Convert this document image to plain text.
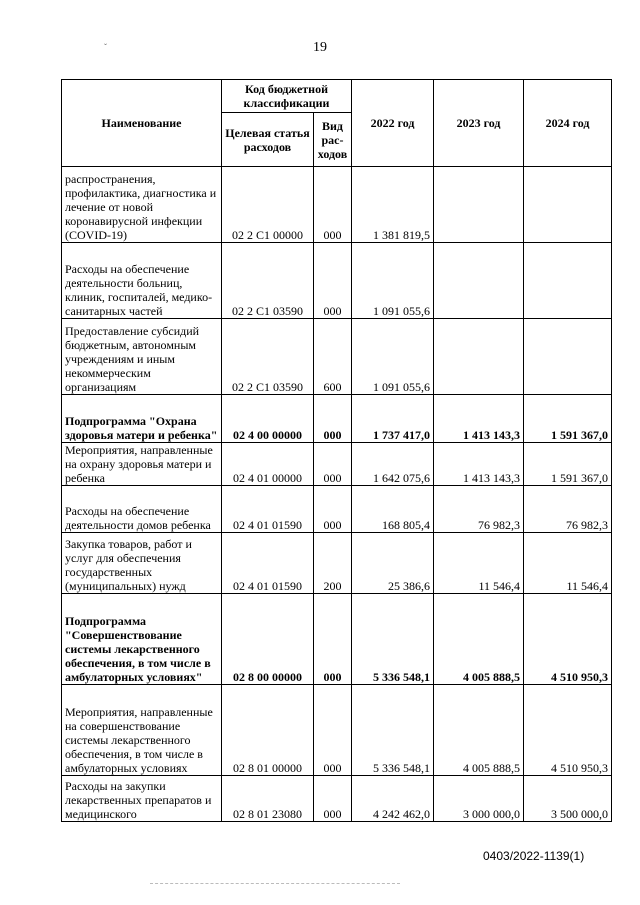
19
ˇ
Наименование	Код бюджетной классификации		2022 год	2023 год	2024 год
	Целевая статья расходов	Вид рас-ходов			
распространения, профилактика, диагностика и лечение от новой коронавирусной инфекции (COVID-19)	02 2 С1 00000	000	1 381 819,5		
Расходы на обеспечение деятельности больниц, клиник, госпиталей, медико-санитарных частей	02 2 С1 03590	000	1 091 055,6		
Предоставление субсидий бюджетным, автономным учреждениям и иным некоммерческим организациям	02 2 С1 03590	600	1 091 055,6		
Подпрограмма "Охрана здоровья матери и ребенка"	02 4 00 00000	000	1 737 417,0	1 413 143,3	1 591 367,0
Мероприятия, направленные на охрану здоровья матери и ребенка	02 4 01 00000	000	1 642 075,6	1 413 143,3	1 591 367,0
Расходы на обеспечение деятельности домов ребенка	02 4 01 01590	000	168 805,4	76 982,3	76 982,3
Закупка товаров, работ и услуг для обеспечения государственных (муниципальных) нужд	02 4 01 01590	200	25 386,6	11 546,4	11 546,4
Подпрограмма "Совершенствование системы лекарственного обеспечения, в том числе в амбулаторных условиях"	02 8 00 00000	000	5 336 548,1	4 005 888,5	4 510 950,3
Мероприятия, направленные на совершенствование системы лекарственного обеспечения, в том числе в амбулаторных условиях	02 8 01 00000	000	5 336 548,1	4 005 888,5	4 510 950,3
Расходы на закупки лекарственных препаратов и медицинского	02 8 01 23080	000	4 242 462,0	3 000 000,0	3 500 000,0
0403/2022-1139(1)
